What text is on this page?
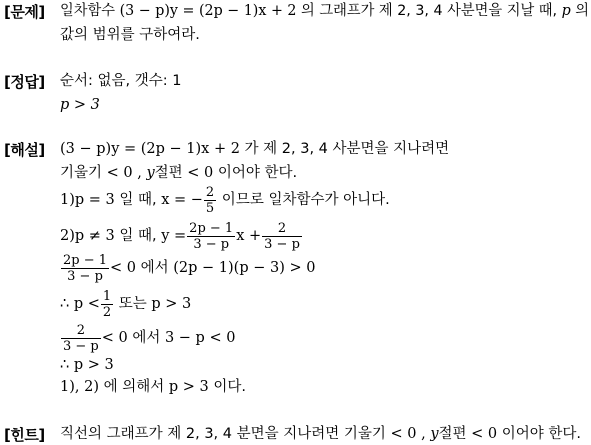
[문제] 일차함수 (3 − p)y = (2p − 1)x + 2 의 그래프가 제 2, 3, 4 사분면을 지날 때, p 의
값의 범위를 구하여라.
[정답] 순서: 없음, 갯수: 1
p > 3
[해설] (3 − p)y = (2p − 1)x + 2 가 제 2, 3, 4 사분면을 지나려면
기울기 < 0 , y절편 < 0 이어야 한다.
1)p = 3 일 때, x = − $\frac{2}{5}$ 이므로 일차함수가 아니다.
2)p ≠ 3 일 때, $y = \frac{2p - 1}{3 - p}$ $x + \frac{2}{3 - p}$
$\frac{2p - 1}{3 - p} < 0$ 에서 (2p − 1)(p − 3) > 0
∴ $p < \frac{1}{2}$ 또는 p > 3
$\frac{2}{3 - p} < 0$ 에서 3 − p < 0
∴ p > 3
1), 2) 에 의해서 p > 3 이다.
[힌트] 직선의 그래프가 제 2, 3, 4 분면을 지나려면 기울기 < 0 , y절편 < 0 이어야 한다.
